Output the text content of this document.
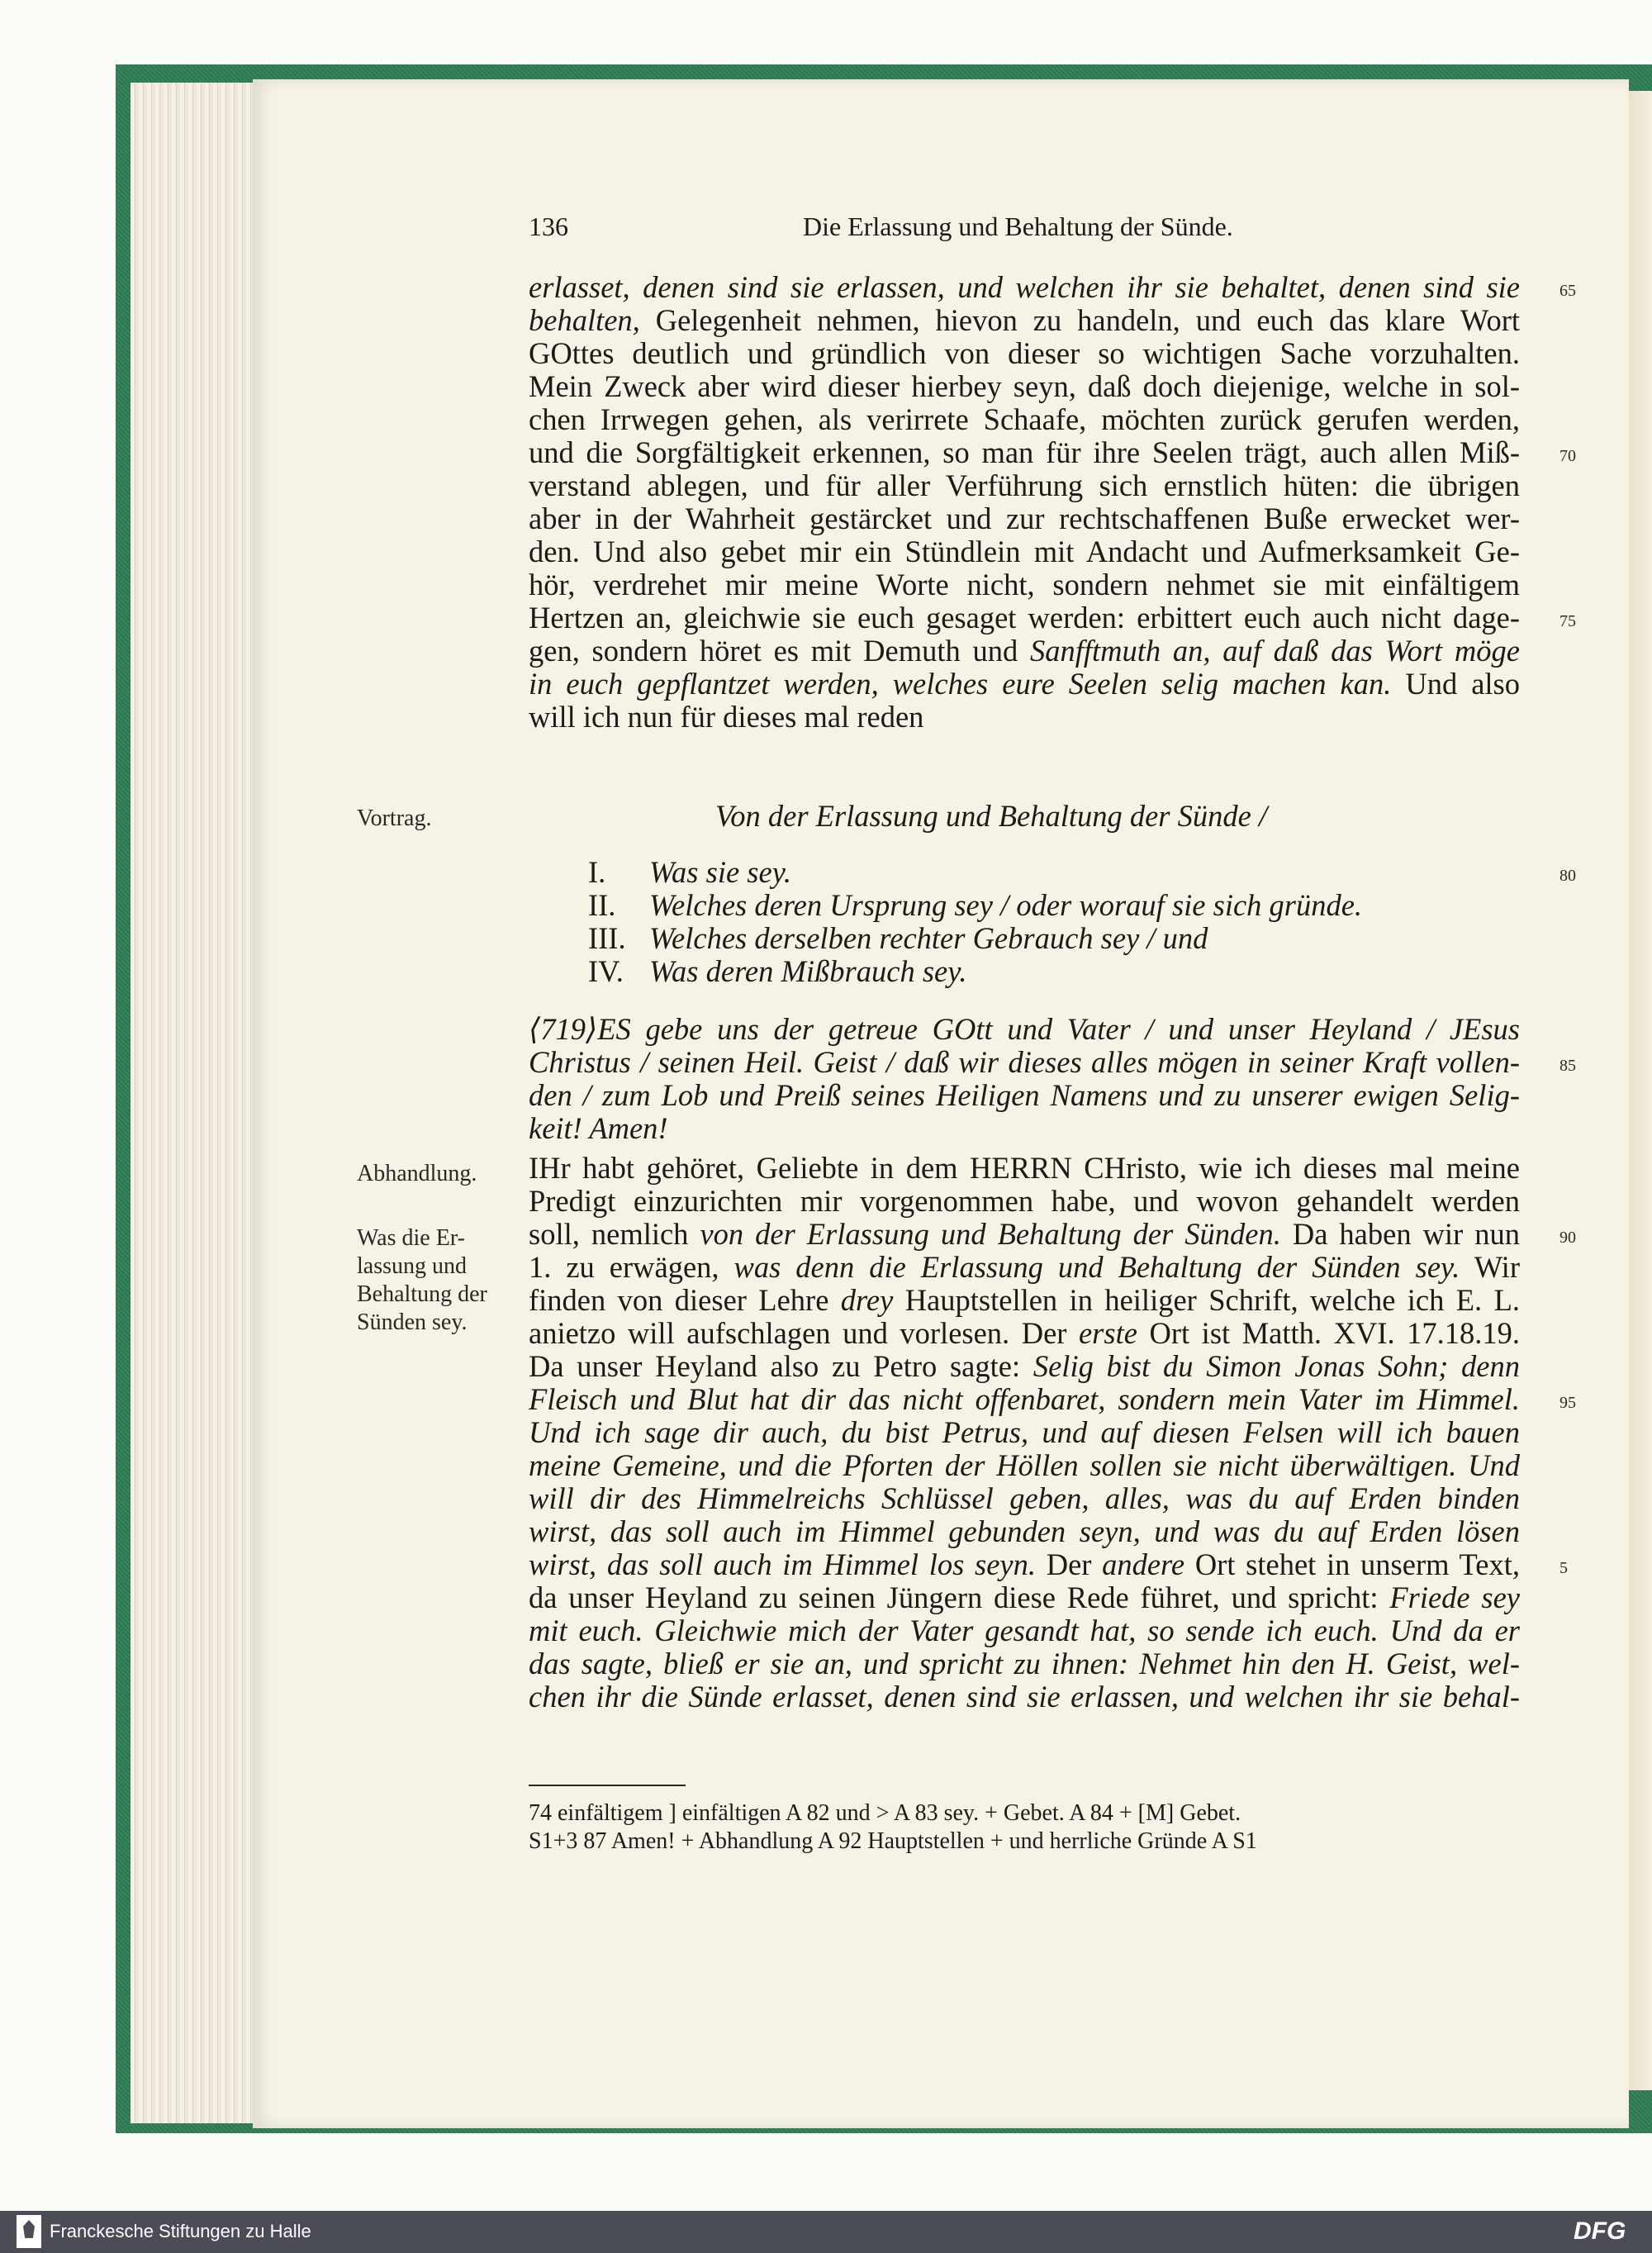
136	Die Erlassung und Behaltung der Sünde.
erlasset, denen sind sie erlassen, und welchen ihr sie behaltet, denen sind sie 65
behalten, Gelegenheit nehmen, hievon zu handeln, und euch das klare Wort
GOttes deutlich und gründlich von dieser so wichtigen Sache vorzuhalten.
Mein Zweck aber wird dieser hierbey seyn, daß doch diejenige, welche in sol-
chen Irrwegen gehen, als verirrete Schaafe, möchten zurück gerufen werden,
und die Sorgfältigkeit erkennen, so man für ihre Seelen trägt, auch allen Miß- 70
verstand ablegen, und für aller Verführung sich ernstlich hüten: die übrigen
aber in der Wahrheit gestärcket und zur rechtschaffenen Buße erwecket wer-
den. Und also gebet mir ein Stündlein mit Andacht und Aufmerksamkeit Ge-
hör, verdrehet mir meine Worte nicht, sondern nehmet sie mit einfältigem
Hertzen an, gleichwie sie euch gesaget werden: erbittert euch auch nicht dage- 75
gen, sondern höret es mit Demuth und Sanfftmuth an, auf daß das Wort möge
in euch gepflantzet werden, welches eure Seelen selig machen kan. Und also
will ich nun für dieses mal reden
Von der Erlassung und Behaltung der Sünde /
I.	Was sie sey.
II.	Welches deren Ursprung sey / oder worauf sie sich gründe.
III. Welches derselben rechter Gebrauch sey / und
IV. Was deren Mißbrauch sey.
80
⟨719⟩ES gebe uns der getreue GOtt und Vater / und unser Heyland / JEsus
Christus / seinen Heil. Geist / daß wir dieses alles mögen in seiner Kraft vollen- 85
den / zum Lob und Preiß seines Heiligen Namens und zu unserer ewigen Selig-
keit! Amen!
IHr habt gehöret, Geliebte in dem HERRN CHristo, wie ich dieses mal meine
Predigt einzurichten mir vorgenommen habe, und wovon gehandelt werden
soll, nemlich von der Erlassung und Behaltung der Sünden. Da haben wir nun 90
1. zu erwägen, was denn die Erlassung und Behaltung der Sünden sey. Wir
finden von dieser Lehre drey Hauptstellen in heiliger Schrift, welche ich E. L.
anietzo will aufschlagen und vorlesen. Der erste Ort ist Matth. XVI. 17.18.19.
Da unser Heyland also zu Petro sagte: Selig bist du Simon Jonas Sohn; denn
Fleisch und Blut hat dir das nicht offenbaret, sondern mein Vater im Himmel. 95
Und ich sage dir auch, du bist Petrus, und auf diesen Felsen will ich bauen
meine Gemeine, und die Pforten der Höllen sollen sie nicht überwältigen. Und
will dir des Himmelreichs Schlüssel geben, alles, was du auf Erden binden
wirst, das soll auch im Himmel gebunden seyn, und was du auf Erden lösen
wirst, das soll auch im Himmel los seyn. Der andere Ort stehet in unserm Text, 5
da unser Heyland zu seinen Jüngern diese Rede führet, und spricht: Friede sey
mit euch. Gleichwie mich der Vater gesandt hat, so sende ich euch. Und da er
das sagte, bließ er sie an, und spricht zu ihnen: Nehmet hin den H. Geist, wel-
chen ihr die Sünde erlasset, denen sind sie erlassen, und welchen ihr sie behal-
Vortrag.
Abhandlung.
Was die Er-
lassung und
Behaltung der
Sünden sey.
74 einfältigem ] einfältigen A 82 und > A 83 sey. + Gebet. A 84 + [M] Gebet.
S1+3 87 Amen! + Abhandlung A 92 Hauptstellen + und herrliche Gründe A S1
Franckesche Stiftungen zu Halle	DFG
